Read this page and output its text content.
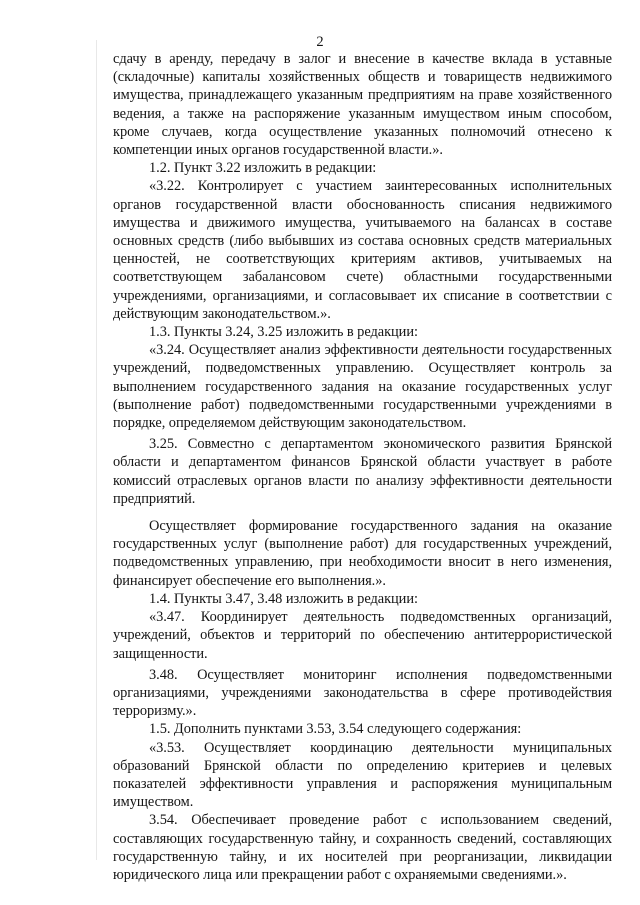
2

сдачу в аренду, передачу в залог и внесение в качестве вклада в уставные (складочные) капиталы хозяйственных обществ и товариществ недвижимого имущества, принадлежащего указанным предприятиям на праве хозяйственного ведения, а также на распоряжение указанным имуществом иным способом, кроме случаев, когда осуществление указанных полномочий отнесено к компетенции иных органов государственной власти.».

1.2. Пункт 3.22 изложить в редакции:

«3.22. Контролирует с участием заинтересованных исполнительных органов государственной власти обоснованность списания недвижимого имущества и движимого имущества, учитываемого на балансах в составе основных средств (либо выбывших из состава основных средств материальных ценностей, не соответствующих критериям активов, учитываемых на соответствующем забалансовом счете) областными государственными учреждениями, организациями, и согласовывает их списание в соответствии с действующим законодательством.».

1.3. Пункты 3.24, 3.25 изложить в редакции:

«3.24. Осуществляет анализ эффективности деятельности государственных учреждений, подведомственных управлению. Осуществляет контроль за выполнением государственного задания на оказание государственных услуг (выполнение работ) подведомственными государственными учреждениями в порядке, определяемом действующим законодательством.

3.25. Совместно с департаментом экономического развития Брянской области и департаментом финансов Брянской области участвует в работе комиссий отраслевых органов власти по анализу эффективности деятельности предприятий.

Осуществляет формирование государственного задания на оказание государственных услуг (выполнение работ) для государственных учреждений, подведомственных управлению, при необходимости вносит в него изменения, финансирует обеспечение его выполнения.».

1.4. Пункты 3.47, 3.48 изложить в редакции:

«3.47. Координирует деятельность подведомственных организаций, учреждений, объектов и территорий по обеспечению антитеррористической защищенности.

3.48. Осуществляет мониторинг исполнения подведомственными организациями, учреждениями законодательства в сфере противодействия терроризму.».

1.5. Дополнить пунктами 3.53, 3.54 следующего содержания:

«3.53. Осуществляет координацию деятельности муниципальных образований Брянской области по определению критериев и целевых показателей эффективности управления и распоряжения муниципальным имуществом.

3.54. Обеспечивает проведение работ с использованием сведений, составляющих государственную тайну, и сохранность сведений, составляющих государственную тайну, и их носителей при реорганизации, ликвидации юридического лица или прекращении работ с охраняемыми сведениями.».
